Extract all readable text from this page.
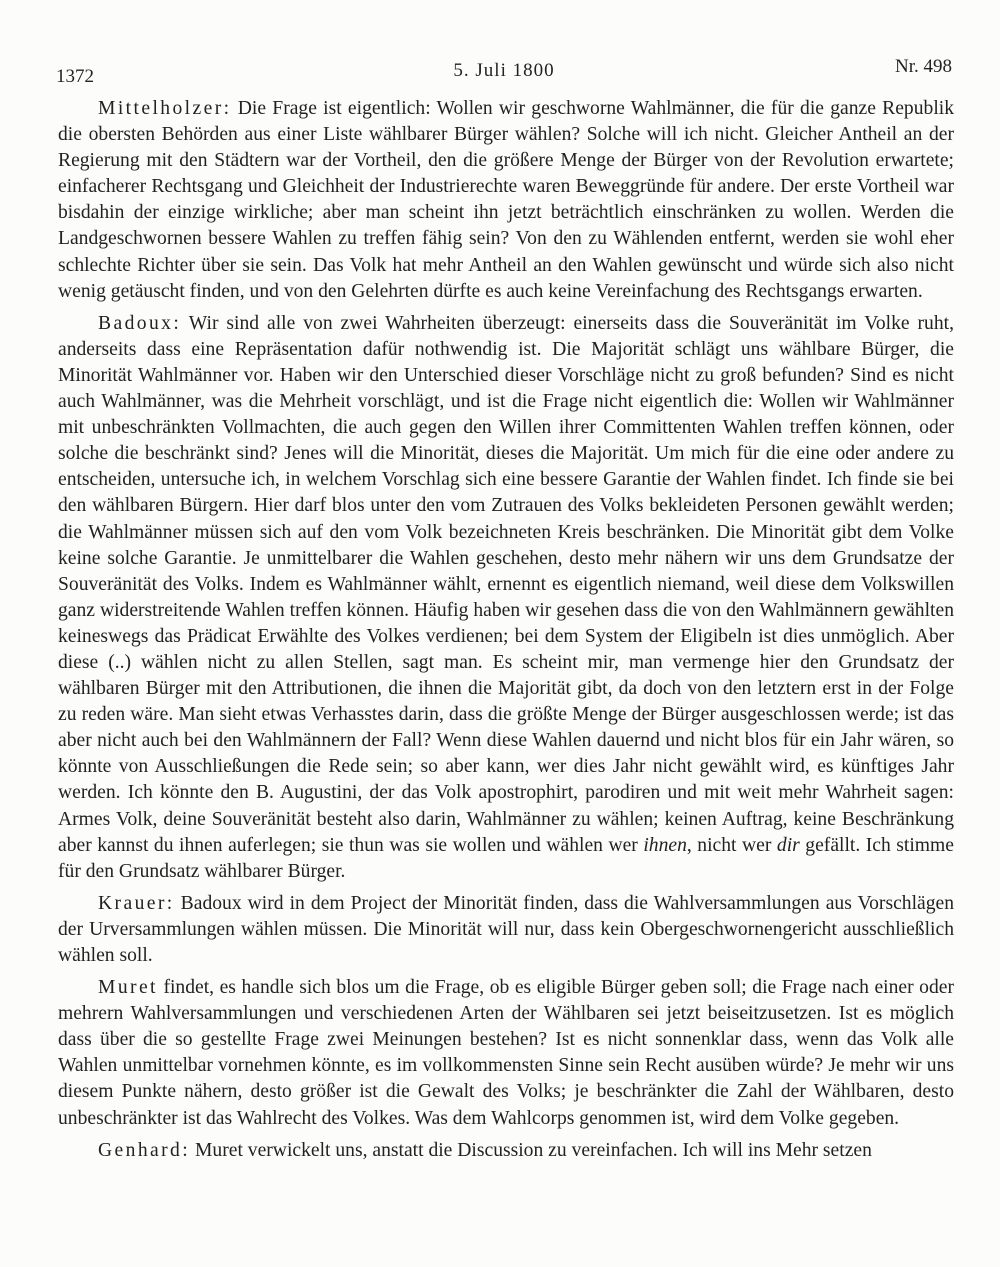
1372	5. Juli 1800	Nr. 498

Mittelholzer: Die Frage ist eigentlich: Wollen wir geschworne Wahlmänner, die für die ganze Republik die obersten Behörden aus einer Liste wählbarer Bürger wählen? Solche will ich nicht. Gleicher Antheil an der Regierung mit den Städtern war der Vortheil, den die größere Menge der Bürger von der Revolution erwartete; einfacherer Rechtsgang und Gleichheit der Industrierechte waren Beweggründe für andere. Der erste Vortheil war bisdahin der einzige wirkliche; aber man scheint ihn jetzt beträchtlich einschränken zu wollen. Werden die Landgeschwornen bessere Wahlen zu treffen fähig sein? Von den zu Wählenden entfernt, werden sie wohl eher schlechte Richter über sie sein. Das Volk hat mehr Antheil an den Wahlen gewünscht und würde sich also nicht wenig getäuscht finden, und von den Gelehrten dürfte es auch keine Vereinfachung des Rechtsgangs erwarten.

Badoux: Wir sind alle von zwei Wahrheiten überzeugt: einerseits dass die Souveränität im Volke ruht, anderseits dass eine Repräsentation dafür nothwendig ist. Die Majorität schlägt uns wählbare Bürger, die Minorität Wahlmänner vor. Haben wir den Unterschied dieser Vorschläge nicht zu groß befunden? Sind es nicht auch Wahlmänner, was die Mehrheit vorschlägt, und ist die Frage nicht eigentlich die: Wollen wir Wahlmänner mit unbeschränkten Vollmachten, die auch gegen den Willen ihrer Committenten Wahlen treffen können, oder solche die beschränkt sind? Jenes will die Minorität, dieses die Majorität. Um mich für die eine oder andere zu entscheiden, untersuche ich, in welchem Vorschlag sich eine bessere Garantie der Wahlen findet. Ich finde sie bei den wählbaren Bürgern. Hier darf blos unter den vom Zutrauen des Volks bekleideten Personen gewählt werden; die Wahlmänner müssen sich auf den vom Volk bezeichneten Kreis beschränken. Die Minorität gibt dem Volke keine solche Garantie. Je unmittelbarer die Wahlen geschehen, desto mehr nähern wir uns dem Grundsatze der Souveränität des Volks. Indem es Wahlmänner wählt, ernennt es eigentlich niemand, weil diese dem Volkswillen ganz widerstreitende Wahlen treffen können. Häufig haben wir gesehen dass die von den Wahlmännern gewählten keineswegs das Prädicat Erwählte des Volkes verdienen; bei dem System der Eligibeln ist dies unmöglich. Aber diese (..) wählen nicht zu allen Stellen, sagt man. Es scheint mir, man vermenge hier den Grundsatz der wählbaren Bürger mit den Attributionen, die ihnen die Majorität gibt, da doch von den letztern erst in der Folge zu reden wäre. Man sieht etwas Verhasstes darin, dass die größte Menge der Bürger ausgeschlossen werde; ist das aber nicht auch bei den Wahlmännern der Fall? Wenn diese Wahlen dauernd und nicht blos für ein Jahr wären, so könnte von Ausschließungen die Rede sein; so aber kann, wer dies Jahr nicht gewählt wird, es künftiges Jahr werden. Ich könnte den B. Augustini, der das Volk apostrophirt, parodiren und mit weit mehr Wahrheit sagen: Armes Volk, deine Souveränität besteht also darin, Wahlmänner zu wählen; keinen Auftrag, keine Beschränkung aber kannst du ihnen auferlegen; sie thun was sie wollen und wählen wer ihnen, nicht wer dir gefällt. Ich stimme für den Grundsatz wählbarer Bürger.

Krauer: Badoux wird in dem Project der Minorität finden, dass die Wahlversammlungen aus Vorschlägen der Urversammlungen wählen müssen. Die Minorität will nur, dass kein Obergeschwornengericht ausschließlich wählen soll.

Muret findet, es handle sich blos um die Frage, ob es eligible Bürger geben soll; die Frage nach einer oder mehrern Wahlversammlungen und verschiedenen Arten der Wählbaren sei jetzt beiseitzusetzen. Ist es möglich dass über die so gestellte Frage zwei Meinungen bestehen? Ist es nicht sonnenklar dass, wenn das Volk alle Wahlen unmittelbar vornehmen könnte, es im vollkommensten Sinne sein Recht ausüben würde? Je mehr wir uns diesem Punkte nähern, desto größer ist die Gewalt des Volks; je beschränkter die Zahl der Wählbaren, desto unbeschränkter ist das Wahlrecht des Volkes. Was dem Wahlcorps genommen ist, wird dem Volke gegeben.

Genhard: Muret verwickelt uns, anstatt die Discussion zu vereinfachen. Ich will ins Mehr setzen
